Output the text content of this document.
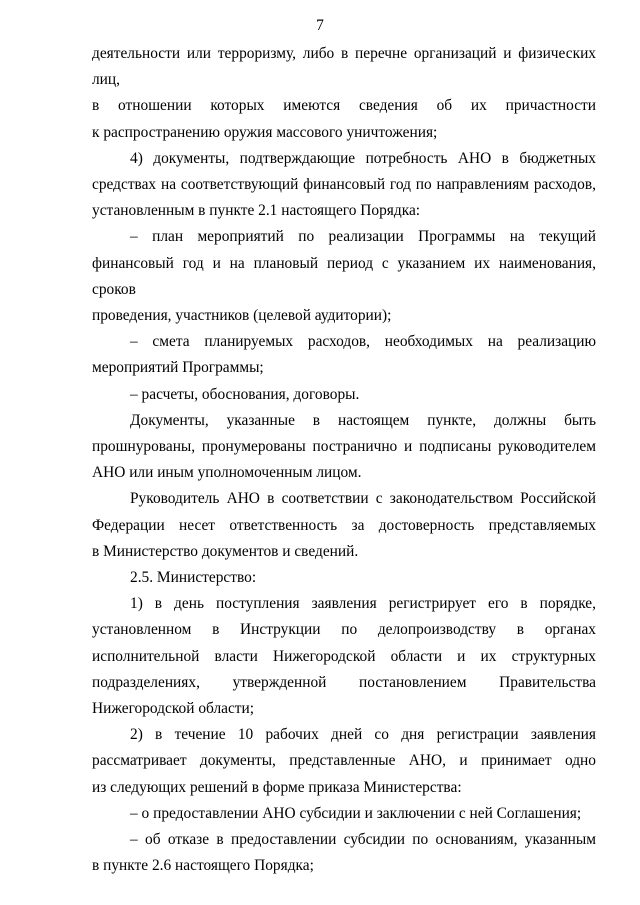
7
деятельности или терроризму, либо в перечне организаций и физических лиц,
в отношении которых имеются сведения об их причастности
к распространению оружия массового уничтожения;
4) документы, подтверждающие потребность АНО в бюджетных
средствах на соответствующий финансовый год по направлениям расходов,
установленным в пункте 2.1 настоящего Порядка:
– план мероприятий по реализации Программы на текущий
финансовый год и на плановый период с указанием их наименования, сроков
проведения, участников (целевой аудитории);
– смета планируемых расходов, необходимых на реализацию
мероприятий Программы;
– расчеты, обоснования, договоры.
Документы, указанные в настоящем пункте, должны быть
прошнурованы, пронумерованы постранично и подписаны руководителем
АНО или иным уполномоченным лицом.
Руководитель АНО в соответствии с законодательством Российской
Федерации несет ответственность за достоверность представляемых
в Министерство документов и сведений.
2.5. Министерство:
1) в день поступления заявления регистрирует его в порядке,
установленном в Инструкции по делопроизводству в органах
исполнительной власти Нижегородской области и их структурных
подразделениях, утвержденной постановлением Правительства
Нижегородской области;
2) в течение 10 рабочих дней со дня регистрации заявления
рассматривает документы, представленные АНО, и принимает одно
из следующих решений в форме приказа Министерства:
– о предоставлении АНО субсидии и заключении с ней Соглашения;
– об отказе в предоставлении субсидии по основаниям, указанным
в пункте 2.6 настоящего Порядка;
